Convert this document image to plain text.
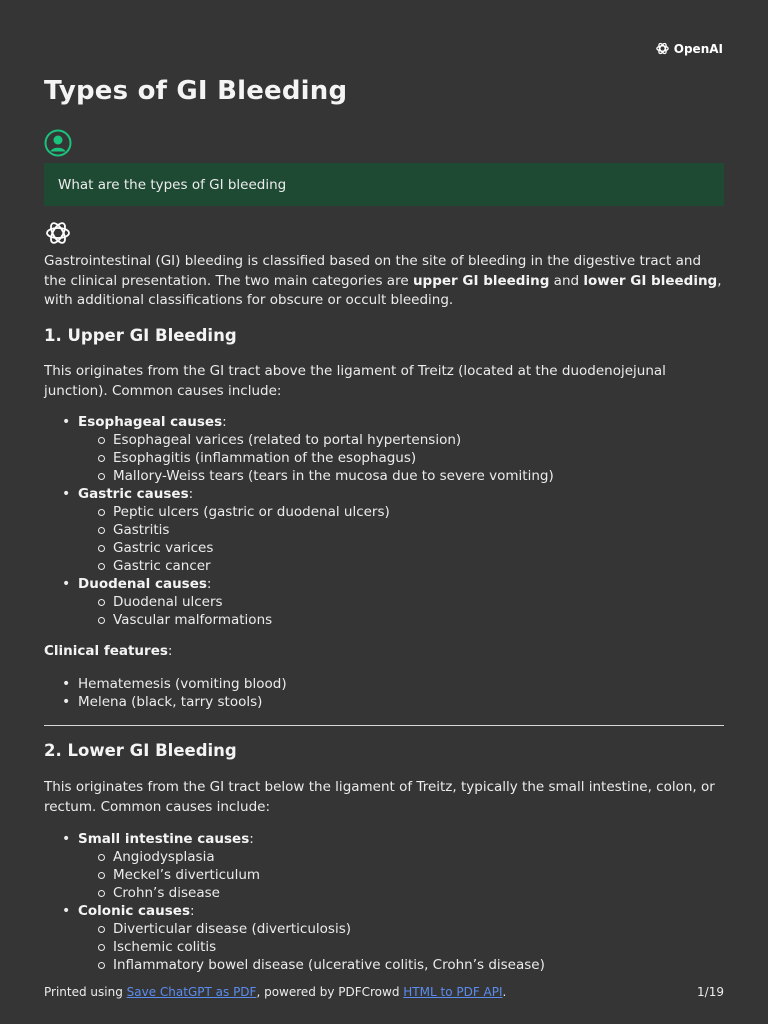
OpenAI
Types of GI Bleeding
What are the types of GI bleeding

Gastrointestinal (GI) bleeding is classified based on the site of bleeding in the digestive tract and the clinical presentation. The two main categories are upper GI bleeding and lower GI bleeding, with additional classifications for obscure or occult bleeding.

1. Upper GI Bleeding

This originates from the GI tract above the ligament of Treitz (located at the duodenojejunal junction). Common causes include:

• Esophageal causes:
Esophageal varices (related to portal hypertension)
Esophagitis (inflammation of the esophagus)
Mallory-Weiss tears (tears in the mucosa due to severe vomiting)
• Gastric causes:
Peptic ulcers (gastric or duodenal ulcers)
Gastritis
Gastric varices
Gastric cancer
• Duodenal causes:
Duodenal ulcers
Vascular malformations

Clinical features:

• Hematemesis (vomiting blood)
• Melena (black, tarry stools)
2. Lower GI Bleeding

This originates from the GI tract below the ligament of Treitz, typically the small intestine, colon, or rectum. Common causes include:

• Small intestine causes:
Angiodysplasia
Meckel’s diverticulum
Crohn’s disease
• Colonic causes:
Diverticular disease (diverticulosis)
Ischemic colitis
Inflammatory bowel disease (ulcerative colitis, Crohn’s disease)
Printed using Save ChatGPT as PDF, powered by PDFCrowd HTML to PDF API.	1/19
